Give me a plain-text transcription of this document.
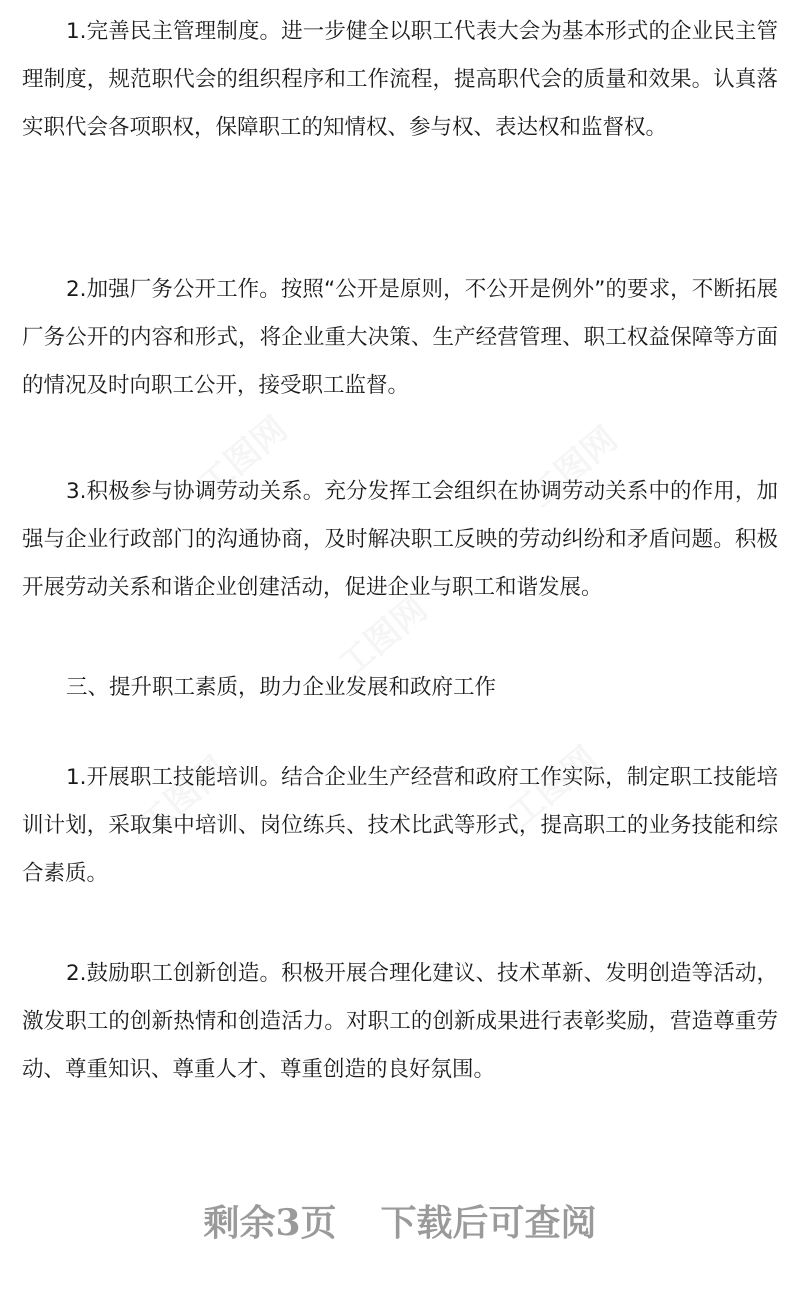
1.完善民主管理制度。进一步健全以职工代表大会为基本形式的企业民主管理制度，规范职代会的组织程序和工作流程，提高职代会的质量和效果。认真落实职代会各项职权，保障职工的知情权、参与权、表达权和监督权。

2.加强厂务公开工作。按照“公开是原则，不公开是例外”的要求，不断拓展厂务公开的内容和形式，将企业重大决策、生产经营管理、职工权益保障等方面的情况及时向职工公开，接受职工监督。

3.积极参与协调劳动关系。充分发挥工会组织在协调劳动关系中的作用，加强与企业行政部门的沟通协商，及时解决职工反映的劳动纠纷和矛盾问题。积极开展劳动关系和谐企业创建活动，促进企业与职工和谐发展。

三、提升职工素质，助力企业发展和政府工作

1.开展职工技能培训。结合企业生产经营和政府工作实际，制定职工技能培训计划，采取集中培训、岗位练兵、技术比武等形式，提高职工的业务技能和综合素质。

2.鼓励职工创新创造。积极开展合理化建议、技术革新、发明创造等活动，激发职工的创新热情和创造活力。对职工的创新成果进行表彰奖励，营造尊重劳动、尊重知识、尊重人才、尊重创造的良好氛围。

工图网	工图网
工图网
工图网	工图网
剩余3页 下载后可查阅
